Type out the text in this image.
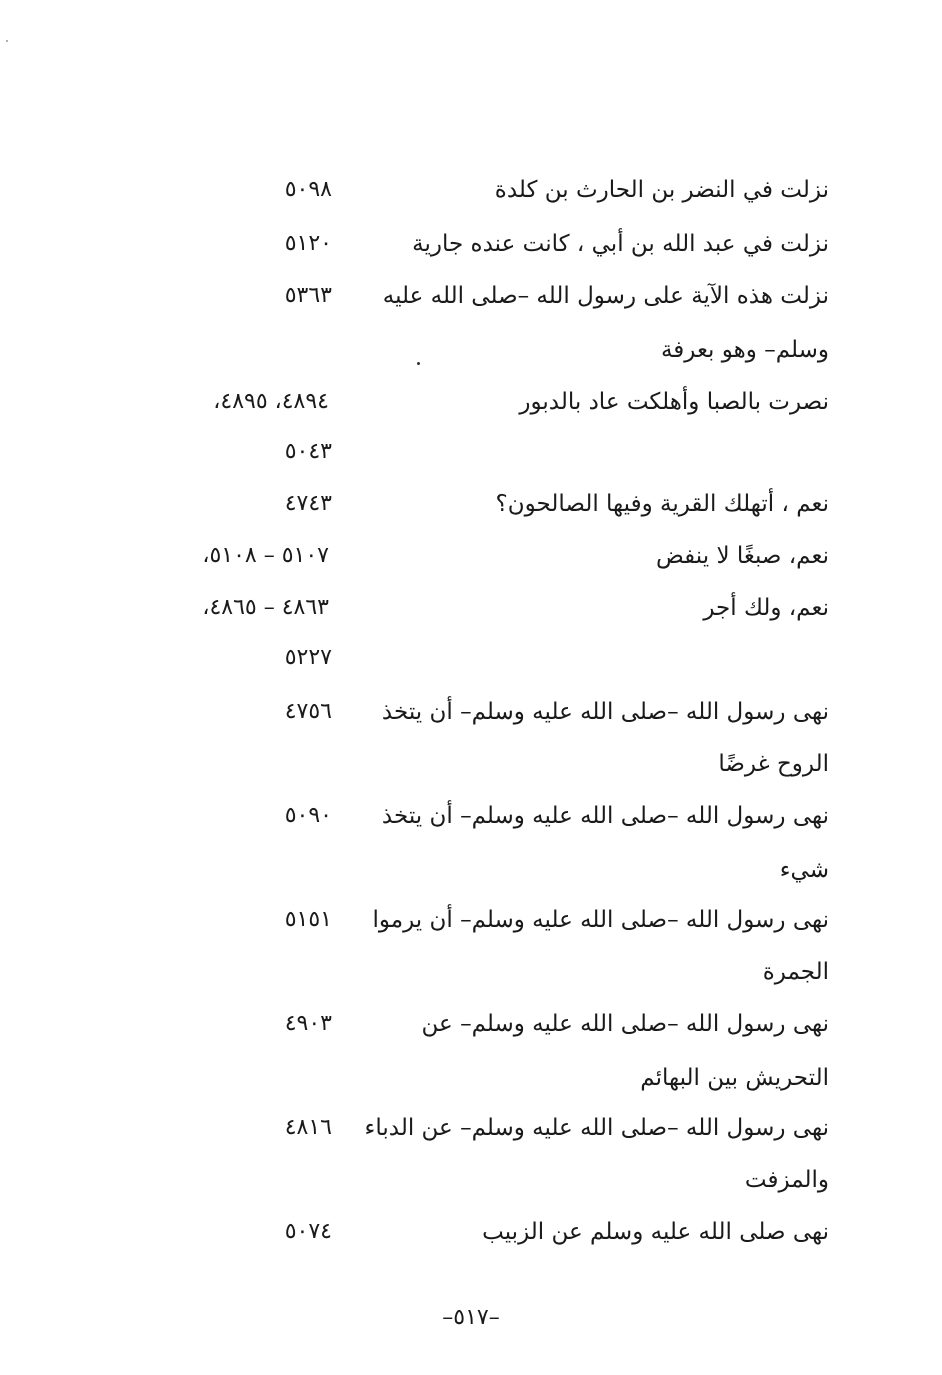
نزلت في النضر بن الحارث بن كلدة
٥٠٩٨
نزلت في عبد الله بن أبي ، كانت عنده جارية
٥١٢٠
نزلت هذه الآية على رسول الله –صلى الله عليه
٥٣٦٣
وسلم– وهو بعرفة
نصرت بالصبا وأهلكت عاد بالدبور
٤٨٩٤، ٤٨٩٥،
٥٠٤٣
نعم ، أتهلك القرية وفيها الصالحون؟
٤٧٤٣
نعم، صبغًا لا ينفض
٥١٠٧ – ٥١٠٨،
نعم، ولك أجر
٤٨٦٣ – ٤٨٦٥،
٥٢٢٧
نهى رسول الله –صلى الله عليه وسلم– أن يتخذ
٤٧٥٦
الروح غرضًا
نهى رسول الله –صلى الله عليه وسلم– أن يتخذ
٥٠٩٠
شيء
نهى رسول الله –صلى الله عليه وسلم– أن يرموا
٥١٥١
الجمرة
نهى رسول الله –صلى الله عليه وسلم– عن
٤٩٠٣
التحريش بين البهائم
نهى رسول الله –صلى الله عليه وسلم– عن الدباء
٤٨١٦
والمزفت
نهى صلى الله عليه وسلم عن الزبيب
٥٠٧٤
–٥١٧–
